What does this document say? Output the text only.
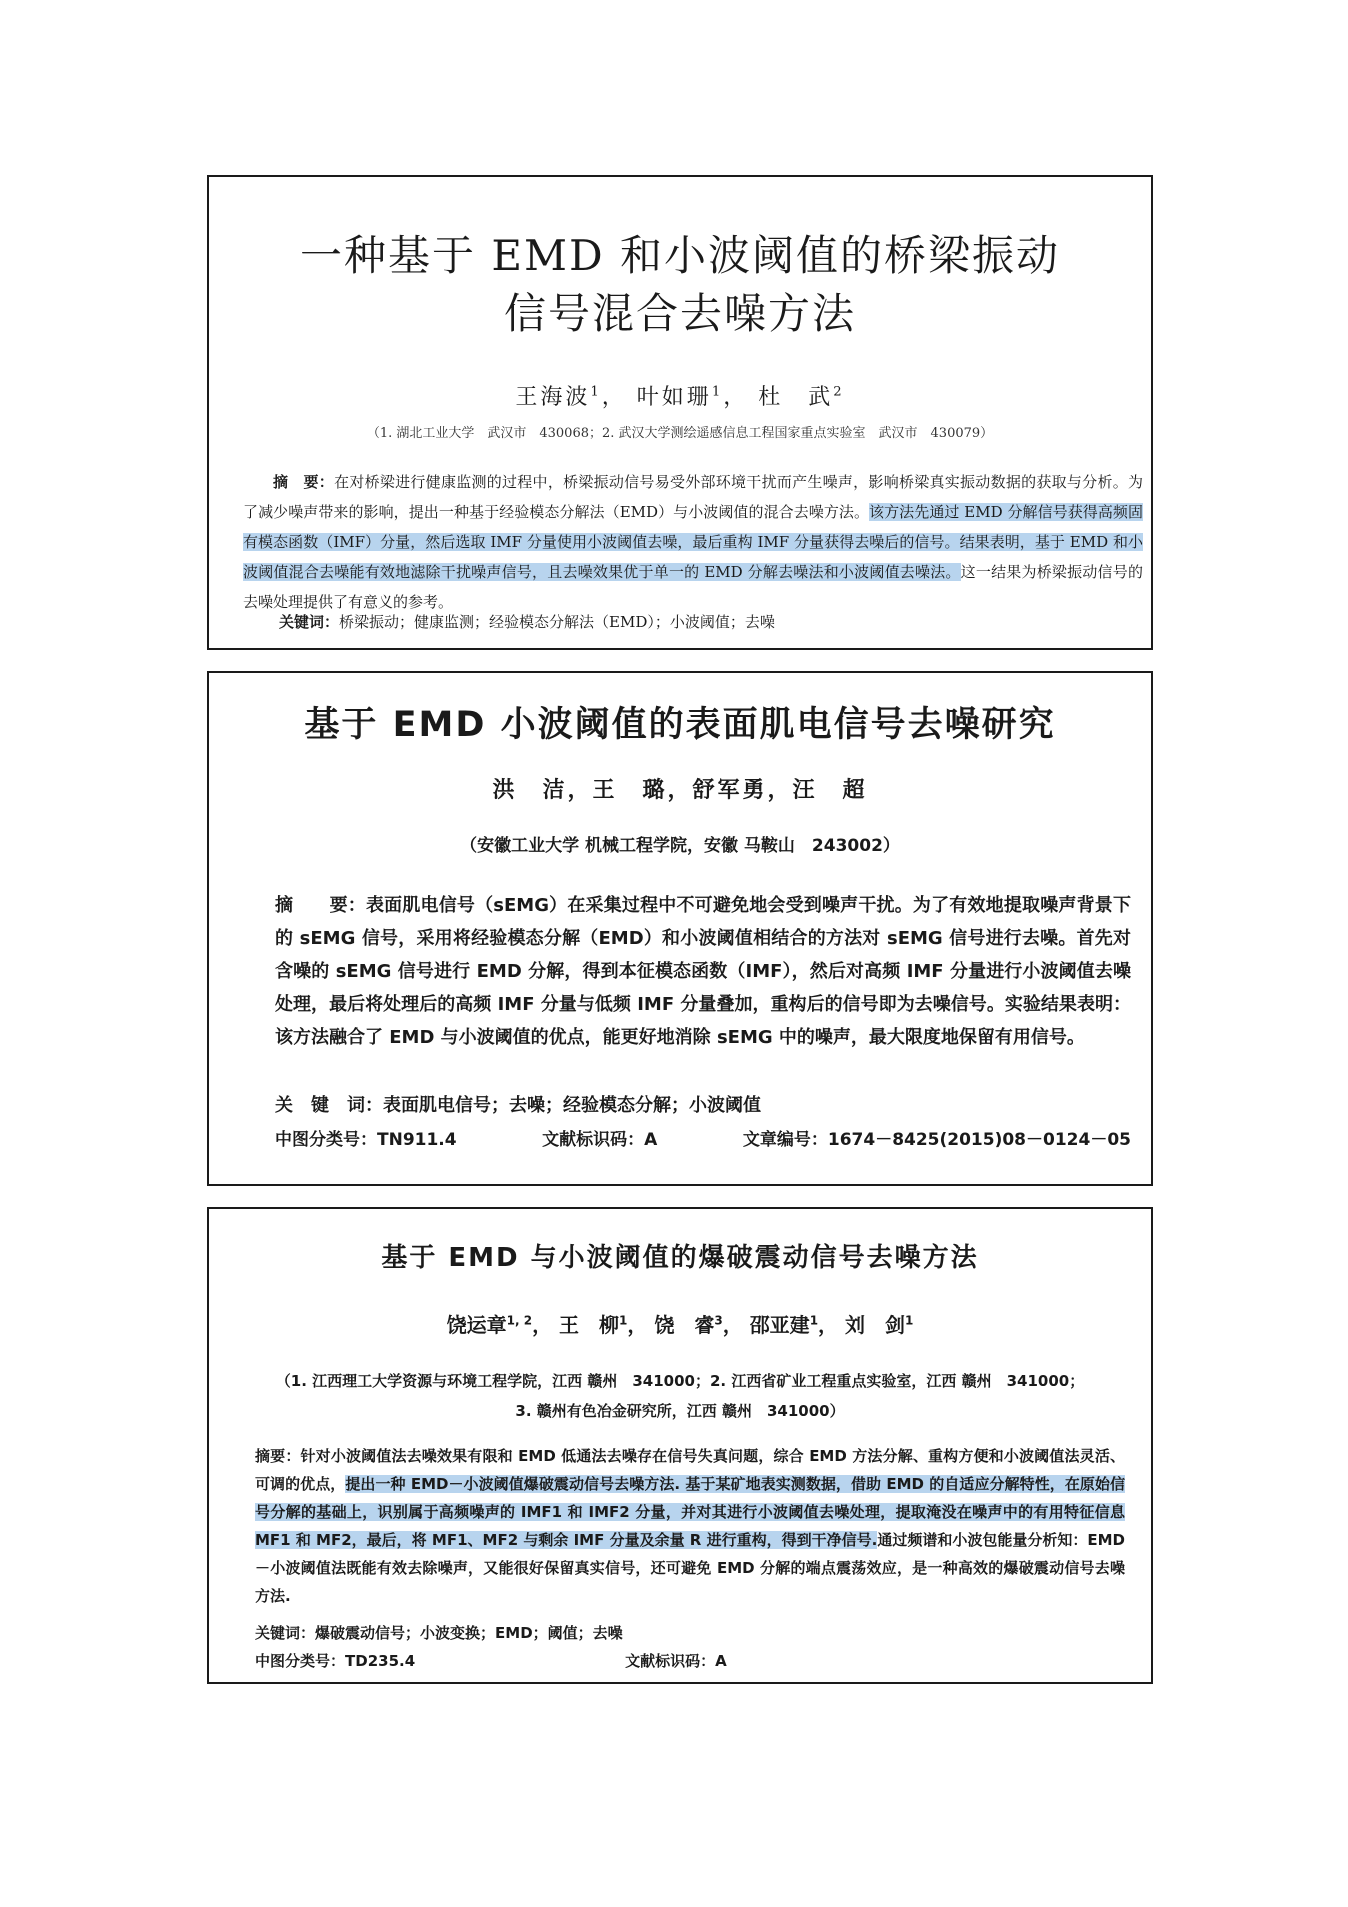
一种基于 EMD 和小波阈值的桥梁振动
信号混合去噪方法
王海波$^1$， 叶如珊$^1$， 杜　武$^2$
（1. 湖北工业大学　武汉市　430068；2. 武汉大学测绘遥感信息工程国家重点实验室　武汉市　430079）
摘　要：在对桥梁进行健康监测的过程中，桥梁振动信号易受外部环境干扰而产生噪声，影响桥梁真实振动数据的获取与分析。为了减少噪声带来的影响，提出一种基于经验模态分解法（EMD）与小波阈值的混合去噪方法。该方法先通过 EMD 分解信号获得高频固有模态函数（IMF）分量，然后选取 IMF 分量使用小波阈值去噪，最后重构 IMF 分量获得去噪后的信号。结果表明，基于 EMD 和小波阈值混合去噪能有效地滤除干扰噪声信号，且去噪效果优于单一的 EMD 分解去噪法和小波阈值去噪法。这一结果为桥梁振动信号的去噪处理提供了有意义的参考。
关键词：桥梁振动；健康监测；经验模态分解法（EMD）；小波阈值；去噪
基于 EMD 小波阈值的表面肌电信号去噪研究
洪　洁，王　璐，舒军勇，汪　超
（安徽工业大学 机械工程学院，安徽 马鞍山　243002）
摘　　要：表面肌电信号（sEMG）在采集过程中不可避免地会受到噪声干扰。为了有效地提取噪声背景下的 sEMG 信号，采用将经验模态分解（EMD）和小波阈值相结合的方法对 sEMG 信号进行去噪。首先对含噪的 sEMG 信号进行 EMD 分解，得到本征模态函数（IMF），然后对高频 IMF 分量进行小波阈值去噪处理，最后将处理后的高频 IMF 分量与低频 IMF 分量叠加，重构后的信号即为去噪信号。实验结果表明：该方法融合了 EMD 与小波阈值的优点，能更好地消除 sEMG 中的噪声，最大限度地保留有用信号。
关　键　词：表面肌电信号；去噪；经验模态分解；小波阈值
中图分类号：TN911.4	文献标识码：A	文章编号：1674－8425(2015)08－0124－05
基于 EMD 与小波阈值的爆破震动信号去噪方法
饶运章$^{1, 2}$， 王　柳$^1$， 饶　睿$^3$， 邵亚建$^1$， 刘　剑$^1$
（1. 江西理工大学资源与环境工程学院，江西 赣州　341000；2. 江西省矿业工程重点实验室，江西 赣州　341000；
3. 赣州有色冶金研究所，江西 赣州　341000）
摘要：针对小波阈值法去噪效果有限和 EMD 低通法去噪存在信号失真问题，综合 EMD 方法分解、重构方便和小波阈值法灵活、可调的优点，提出一种 EMD－小波阈值爆破震动信号去噪方法. 基于某矿地表实测数据，借助 EMD 的自适应分解特性，在原始信号分解的基础上，识别属于高频噪声的 IMF1 和 IMF2 分量，并对其进行小波阈值去噪处理，提取淹没在噪声中的有用特征信息 MF1 和 MF2，最后，将 MF1、MF2 与剩余 IMF 分量及余量 R 进行重构，得到干净信号.通过频谱和小波包能量分析知：EMD－小波阈值法既能有效去除噪声，又能很好保留真实信号，还可避免 EMD 分解的端点震荡效应，是一种高效的爆破震动信号去噪方法.
关键词：爆破震动信号；小波变换；EMD；阈值；去噪
中图分类号：TD235.4	文献标识码：A
